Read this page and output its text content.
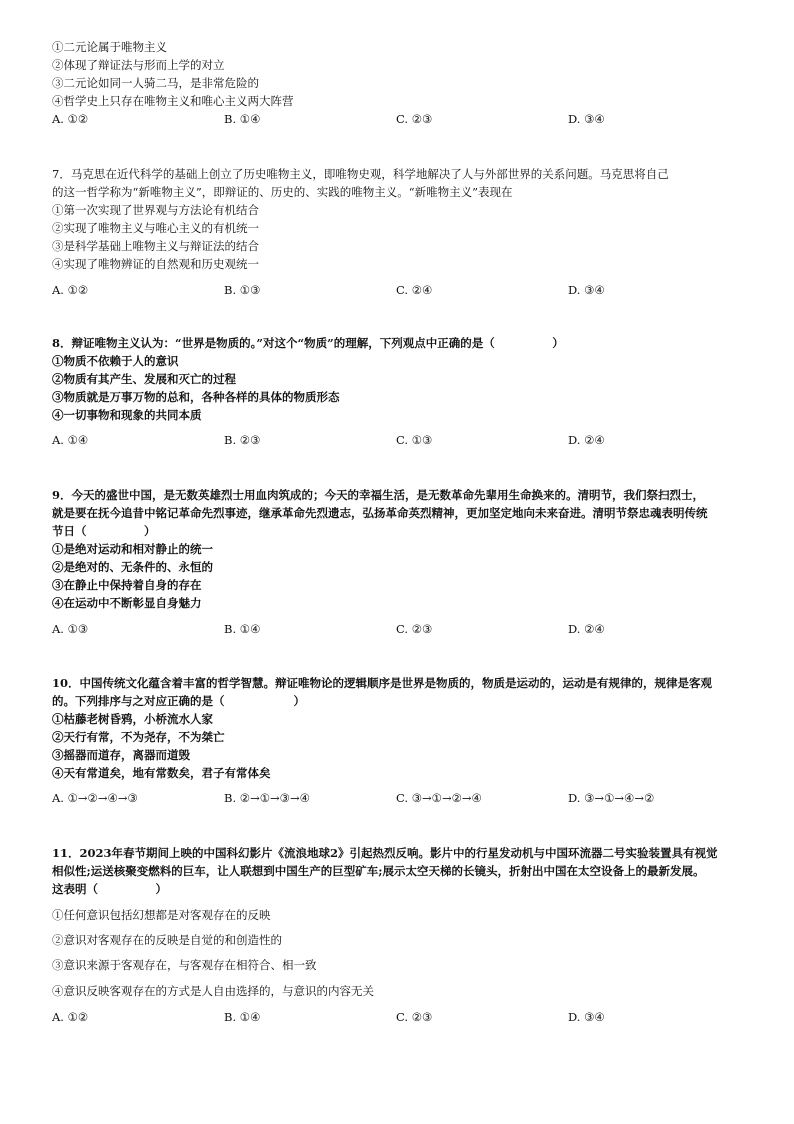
①二元论属于唯物主义
②体现了辩证法与形而上学的对立
③二元论如同一人骑二马，是非常危险的
④哲学史上只存在唯物主义和唯心主义两大阵营
A. ①②	B. ①④	C. ②③	D. ③④
7．马克思在近代科学的基础上创立了历史唯物主义，即唯物史观，科学地解决了人与外部世界的关系问题。马克思将自己
的这一哲学称为“新唯物主义”，即辩证的、历史的、实践的唯物主义。“新唯物主义”表现在
①第一次实现了世界观与方法论有机结合
②实现了唯物主义与唯心主义的有机统一
③是科学基础上唯物主义与辩证法的结合
④实现了唯物辨证的自然观和历史观统一
A. ①②	B. ①③	C. ②④	D. ③④
8．辩证唯物主义认为：“世界是物质的。”对这个“物质”的理解，下列观点中正确的是（　　　　　）
①物质不依赖于人的意识
②物质有其产生、发展和灭亡的过程
③物质就是万事万物的总和，各种各样的具体的物质形态
④一切事物和现象的共同本质
A. ①④	B. ②③	C. ①③	D. ②④
9．今天的盛世中国，是无数英雄烈士用血肉筑成的；今天的幸福生活，是无数革命先辈用生命换来的。清明节，我们祭扫烈士，
就是要在抚今追昔中铭记革命先烈事迹，继承革命先烈遗志，弘扬革命英烈精神，更加坚定地向未来奋进。清明节祭忠魂表明传统
节日（　　　　　）
①是绝对运动和相对静止的统一
②是绝对的、无条件的、永恒的
③在静止中保持着自身的存在
④在运动中不断彰显自身魅力
A. ①③	B. ①④	C. ②③	D. ②④
10．中国传统文化蕴含着丰富的哲学智慧。辩证唯物论的逻辑顺序是世界是物质的，物质是运动的，运动是有规律的，规律是客观
的。下列排序与之对应正确的是（　　　　　　）
①枯藤老树昏鸦，小桥流水人家
②天行有常，不为尧存，不为桀亡
③摇器而道存，离器而道毁
④天有常道矣，地有常数矣，君子有常体矣
A. ①→②→④→③	B. ②→①→③→④	C. ③→①→②→④	D. ③→①→④→②
11．2023年春节期间上映的中国科幻影片《流浪地球2》引起热烈反响。影片中的行星发动机与中国环流器二号实验装置具有视觉
相似性;运送核聚变燃料的巨车，让人联想到中国生产的巨型矿车;展示太空天梯的长镜头，折射出中国在太空设备上的最新发展。
这表明（　　　　　）
①任何意识包括幻想都是对客观存在的反映
②意识对客观存在的反映是自觉的和创造性的
③意识来源于客观存在，与客观存在相符合、相一致
④意识反映客观存在的方式是人自由选择的，与意识的内容无关
A. ①②	B. ①④	C. ②③	D. ③④
